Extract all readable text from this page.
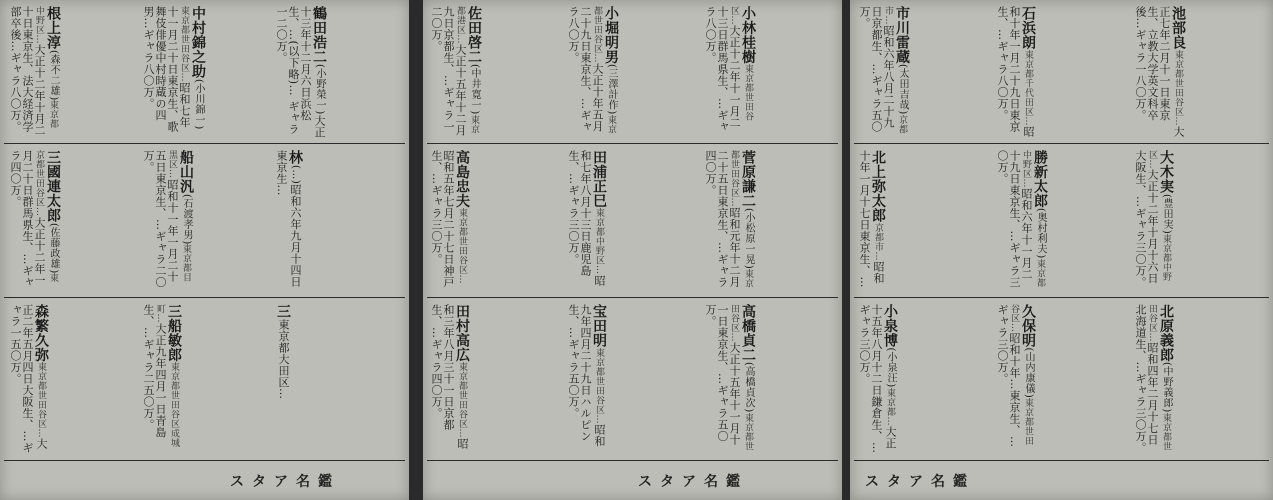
鶴田浩二(小野榮一)大正十三年十二月六日浜松生、…(以下略)… ギャラ一二〇万。
中村錦之助(小川錦一)東京都世田谷区…昭和七年十一月二十日東京生、歌舞伎俳優中村時蔵の四男…ギャラ八〇万。
根上淳(森不二雄)東京都中野区…大正十二年十月二十日東京生、法大経済学部卒後…ギャラ八〇万。
林(…)昭和六年九月十四日東京生…
船山汎(石渡孝男)東京都目黒区…昭和十一年一月二十五日東京生、…ギャラ二〇万。
三國連太郎(佐藤政雄)東京都世田谷区…大正十二年一月二十日群馬県生、…ギャラ四〇万。
三東京都大田区…
三船敏郎東京都世田谷区成城町…大正九年四月一日青島生、…ギャラ二五〇万。
森繁久弥東京都世田谷区…大正二年五月四日大阪生、…ギャラ一五〇万。
スタア名鑑
小林桂樹東京都世田谷区…大正十二年十一月二十三日群馬県生、…ギャラ八〇万。
小堀明男(三澤計作)東京都世田谷区…大正十年五月二十九日東京生、…ギャラ八〇万。
佐田啓二(中井寛一)東京都港区…大正十五年十二月九日京都生、…ギャラ一二〇万。
菅原謙二(小松原一晃)東京都世田谷区…昭和元年十二月二十五日東京生、…ギャラ四〇万。
田浦正巳東京都中野区…昭和七年八月十三日鹿児島生、…ギャラ三〇万。
高島忠夫東京都世田谷区…昭和五年七月二十七日神戸生、…ギャラ三〇万。
高橋貞二(高橋貞次)東京都世田谷区…大正十五年十一月十一日東京生、…ギャラ五〇万。
宝田明東京都世田谷区…昭和九年四月二十九日ハルピン生、…ギャラ五〇万。
田村高広東京都世田谷区…昭和三年八月三十一日京都生、…ギャラ四〇万。
スタア名鑑
池部良東京都世田谷区…大正七年二月十一日東京生、立教大学英文科卒後…ギャラ一八〇万。
石浜朗東京都千代田区…昭和十年一月二十九日東京生、…ギャラ八〇万。
市川雷蔵(太田吉哉)京都市…昭和六年八月二十九日京都生、…ギャラ五〇万。
大木実(豊田実)東京都中野区…大正十二年十月十六日大阪生、…ギャラ三〇万。
勝新太郎(奥村利夫)東京都中野区…昭和六年十一月二十九日東京生、…ギャラ三〇万。
北上弥太郎京都市…昭和十年一月十七日東京生、…
北原義郎(中野義郎)東京都世田谷区…昭和四年二月十七日北海道生、…ギャラ三〇万。
久保明(山内康儀)東京都世田谷区…昭和十年…東京生、…ギャラ三〇万。
小泉博(小泉汪)東京都…大正十五年八月十二日鎌倉生、…ギャラ三〇万。
スタア名鑑
